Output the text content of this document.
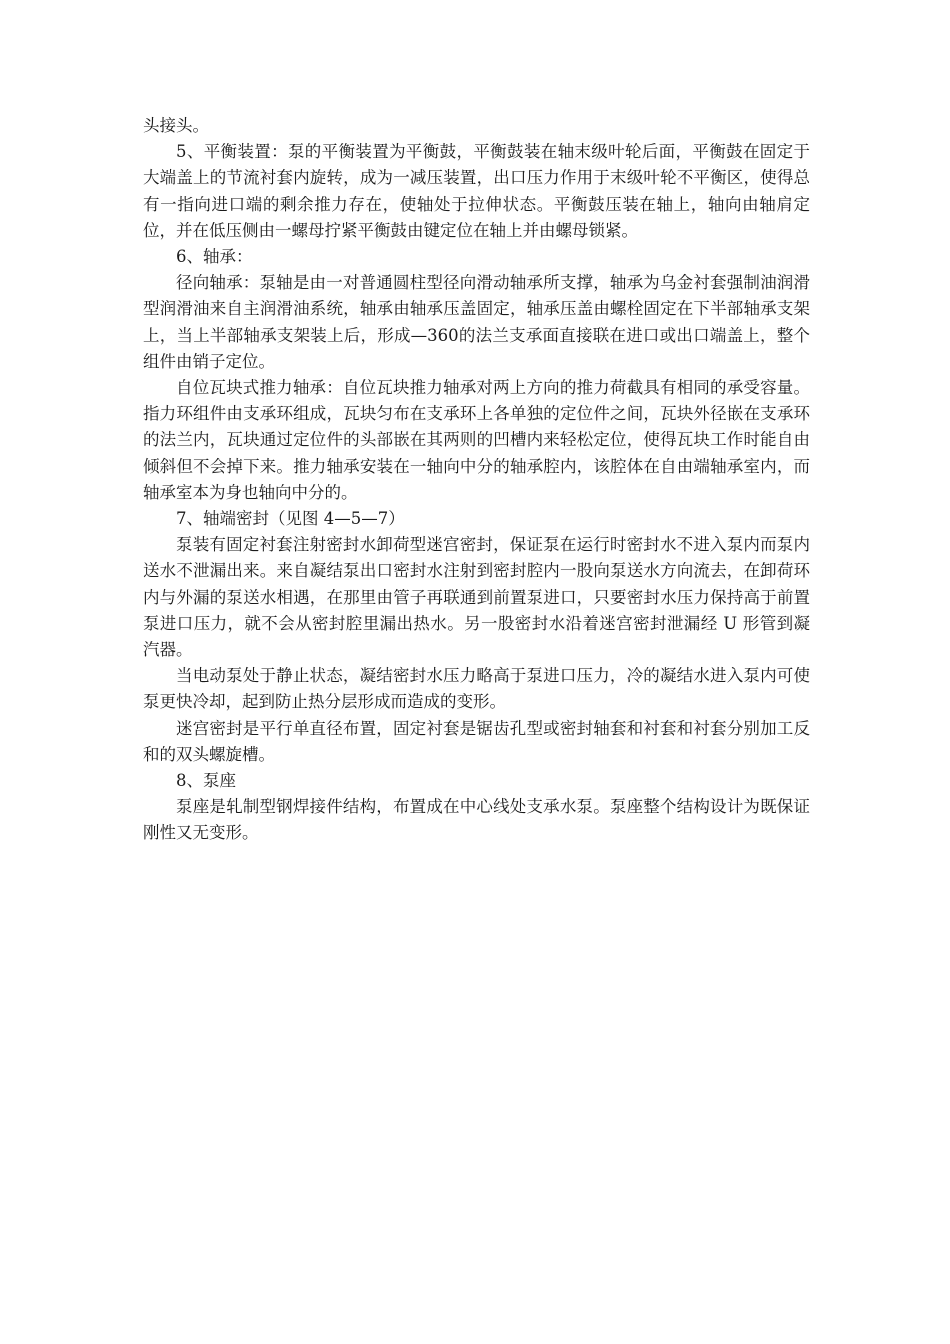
头接头。

5、平衡装置：泵的平衡装置为平衡鼓，平衡鼓装在轴末级叶轮后面，平衡鼓在固定于大端盖上的节流衬套内旋转，成为一减压装置，出口压力作用于末级叶轮不平衡区，使得总有一指向进口端的剩余推力存在，使轴处于拉伸状态。平衡鼓压装在轴上，轴向由轴肩定位，并在低压侧由一螺母拧紧平衡鼓由键定位在轴上并由螺母锁紧。

6、轴承：

径向轴承：泵轴是由一对普通圆柱型径向滑动轴承所支撑，轴承为乌金衬套强制油润滑型润滑油来自主润滑油系统，轴承由轴承压盖固定，轴承压盖由螺栓固定在下半部轴承支架上，当上半部轴承支架装上后，形成—360的法兰支承面直接联在进口或出口端盖上，整个组件由销子定位。

自位瓦块式推力轴承：自位瓦块推力轴承对两上方向的推力荷截具有相同的承受容量。指力环组件由支承环组成，瓦块匀布在支承环上各单独的定位件之间，瓦块外径嵌在支承环的法兰内，瓦块通过定位件的头部嵌在其两则的凹槽内来轻松定位，使得瓦块工作时能自由倾斜但不会掉下来。推力轴承安装在一轴向中分的轴承腔内，该腔体在自由端轴承室内，而轴承室本为身也轴向中分的。

7、轴端密封（见图 4—5—7）

泵装有固定衬套注射密封水卸荷型迷宫密封，保证泵在运行时密封水不进入泵内而泵内送水不泄漏出来。来自凝结泵出口密封水注射到密封腔内一股向泵送水方向流去，在卸荷环内与外漏的泵送水相遇，在那里由管子再联通到前置泵进口，只要密封水压力保持高于前置泵进口压力，就不会从密封腔里漏出热水。另一股密封水沿着迷宫密封泄漏经 U 形管到凝汽器。

当电动泵处于静止状态，凝结密封水压力略高于泵进口压力，冷的凝结水进入泵内可使泵更快冷却，起到防止热分层形成而造成的变形。

迷宫密封是平行单直径布置，固定衬套是锯齿孔型或密封轴套和衬套和衬套分别加工反和的双头螺旋槽。

8、泵座

泵座是轧制型钢焊接件结构，布置成在中心线处支承水泵。泵座整个结构设计为既保证刚性又无变形。
